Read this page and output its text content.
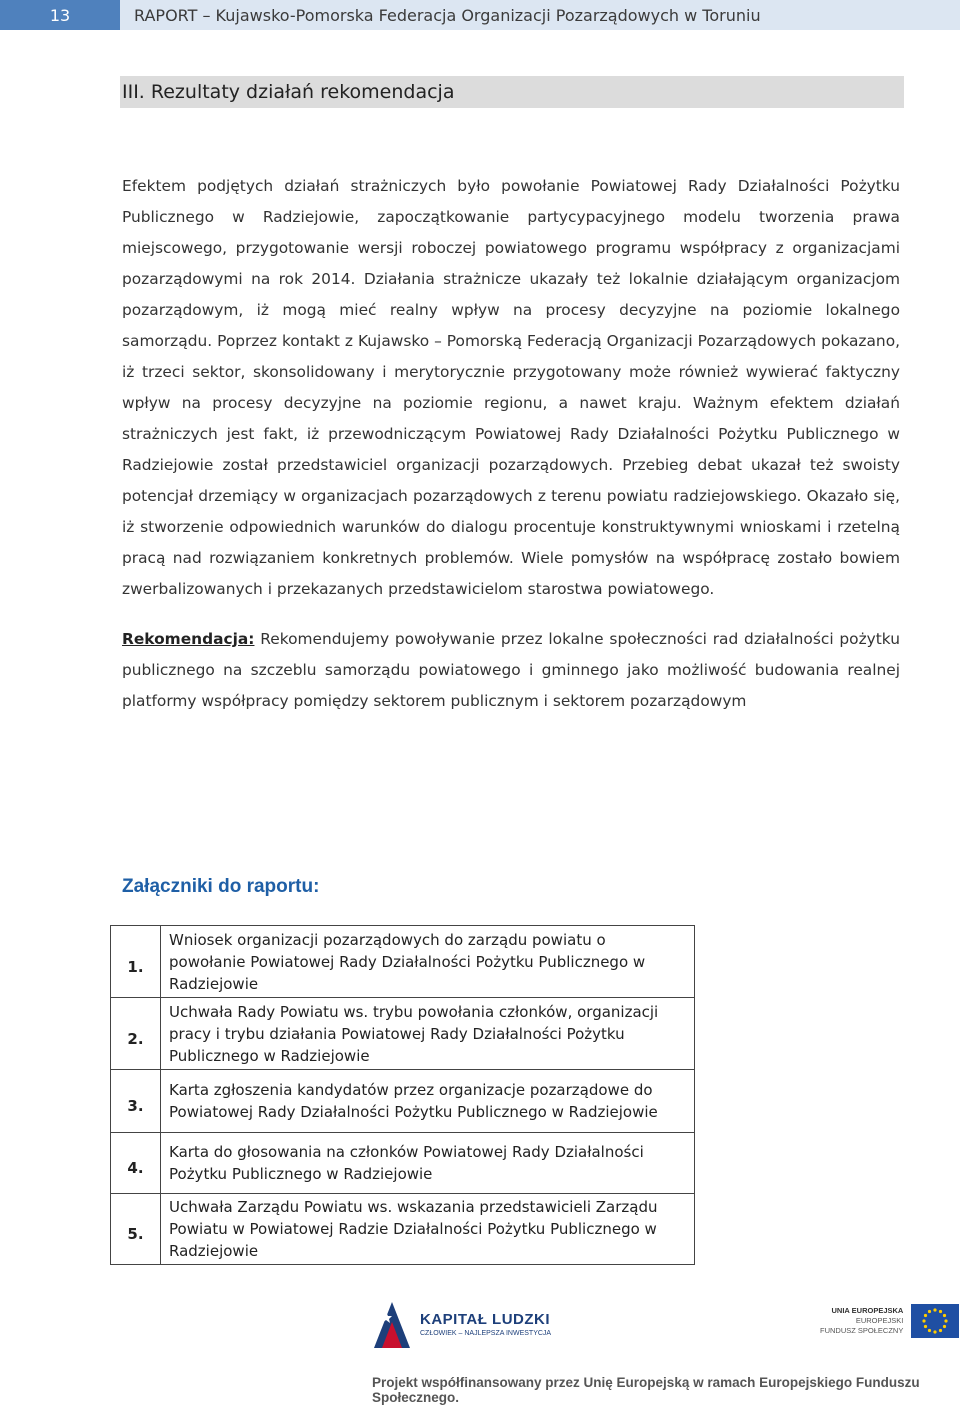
13	RAPORT – Kujawsko-Pomorska Federacja Organizacji Pozarządowych w Toruniu
III. Rezultaty działań rekomendacja

Efektem podjętych działań strażniczych było powołanie Powiatowej Rady Działalności Pożytku Publicznego w Radziejowie, zapoczątkowanie partycypacyjnego modelu tworzenia prawa miejscowego, przygotowanie wersji roboczej powiatowego programu współpracy z organizacjami pozarządowymi na rok 2014. Działania strażnicze ukazały też lokalnie działającym organizacjom pozarządowym, iż mogą mieć realny wpływ na procesy decyzyjne na poziomie lokalnego samorządu. Poprzez kontakt z Kujawsko – Pomorską Federacją Organizacji Pozarządowych pokazano, iż trzeci sektor, skonsolidowany i merytorycznie przygotowany może również wywierać faktyczny wpływ na procesy decyzyjne na poziomie regionu, a nawet kraju. Ważnym efektem działań strażniczych jest fakt, iż przewodniczącym Powiatowej Rady Działalności Pożytku Publicznego w Radziejowie został przedstawiciel organizacji pozarządowych. Przebieg debat ukazał też swoisty potencjał drzemiący w organizacjach pozarządowych z terenu powiatu radziejowskiego. Okazało się, iż stworzenie odpowiednich warunków do dialogu procentuje konstruktywnymi wnioskami i rzetelną pracą nad rozwiązaniem konkretnych problemów. Wiele pomysłów na współpracę zostało bowiem zwerbalizowanych i przekazanych przedstawicielom starostwa powiatowego.

Rekomendacja: Rekomendujemy powoływanie przez lokalne społeczności rad działalności pożytku publicznego na szczeblu samorządu powiatowego i gminnego jako możliwość budowania realnej platformy współpracy pomiędzy sektorem publicznym i sektorem pozarządowym

Załączniki do raportu:
1.	Wniosek organizacji pozarządowych do zarządu powiatu o powołanie Powiatowej Rady Działalności Pożytku Publicznego w Radziejowie
2.	Uchwała Rady Powiatu ws. trybu powołania członków, organizacji pracy i trybu działania Powiatowej Rady Działalności Pożytku Publicznego w Radziejowie
3.	Karta zgłoszenia kandydatów przez organizacje pozarządowe do Powiatowej Rady Działalności Pożytku Publicznego w Radziejowie
4.	Karta do głosowania na członków Powiatowej Rady Działalności Pożytku Publicznego w Radziejowie
5.	Uchwała Zarządu Powiatu ws. wskazania przedstawicieli Zarządu Powiatu w Powiatowej Radzie Działalności Pożytku Publicznego w Radziejowie
KAPITAŁ LUDZKI
CZŁOWIEK – NAJLEPSZA INWESTYCJA
UNIA EUROPEJSKA
EUROPEJSKI
FUNDUSZ SPOŁECZNY
Projekt współfinansowany przez Unię Europejską w ramach Europejskiego Funduszu Społecznego.
